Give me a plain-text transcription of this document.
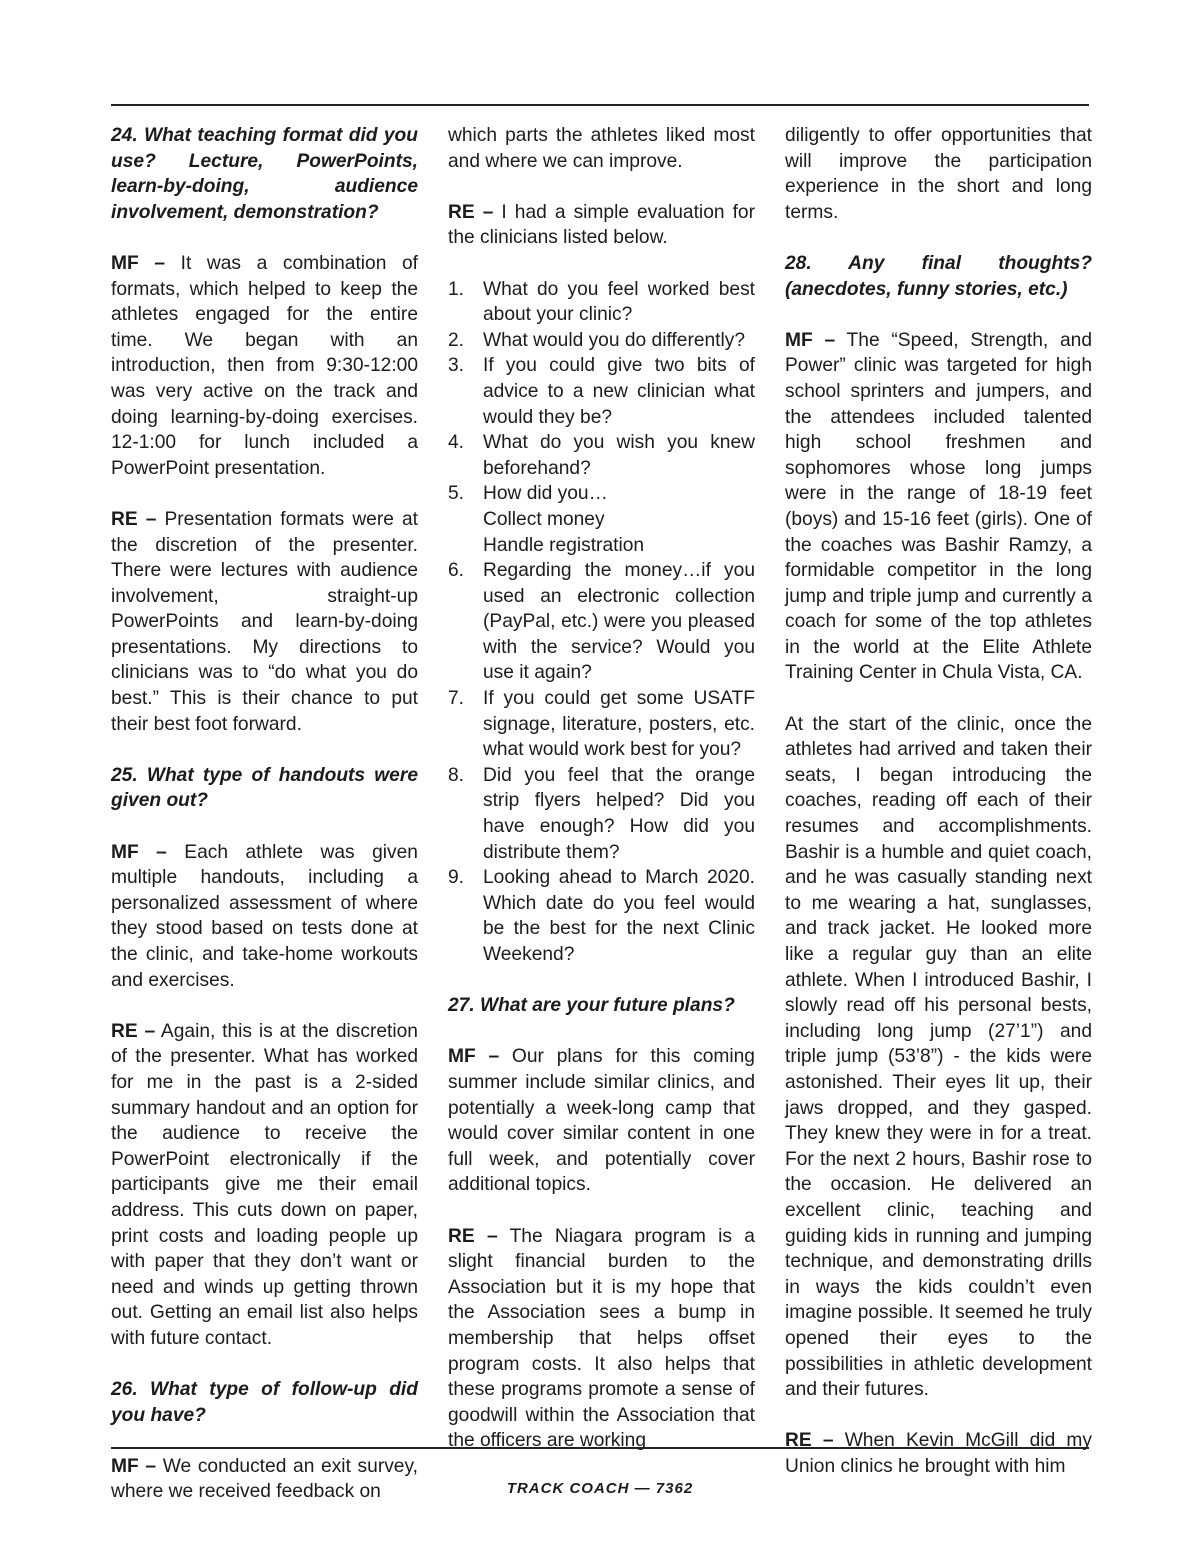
24. What teaching format did you use? Lecture, PowerPoints, learn-by-doing, audience involvement, demonstration?

MF – It was a combination of formats, which helped to keep the athletes engaged for the entire time. We began with an introduction, then from 9:30-12:00 was very active on the track and doing learning-by-doing exercises. 12-1:00 for lunch included a PowerPoint presentation.

RE – Presentation formats were at the discretion of the presenter. There were lectures with audience involvement, straight-up PowerPoints and learn-by-doing presentations. My directions to clinicians was to “do what you do best.” This is their chance to put their best foot forward.

25. What type of handouts were given out?

MF – Each athlete was given multiple handouts, including a personalized assessment of where they stood based on tests done at the clinic, and take-home workouts and exercises.

RE – Again, this is at the discretion of the presenter. What has worked for me in the past is a 2-sided summary handout and an option for the audience to receive the PowerPoint electronically if the participants give me their email address. This cuts down on paper, print costs and loading people up with paper that they don’t want or need and winds up getting thrown out. Getting an email list also helps with future contact.

26. What type of follow-up did you have?

MF – We conducted an exit survey, where we received feedback on

which parts the athletes liked most and where we can improve.

RE – I had a simple evaluation for the clinicians listed below.

1. What do you feel worked best about your clinic?
2. What would you do differently?
3. If you could give two bits of advice to a new clinician what would they be?
4. What do you wish you knew beforehand?
5. How did you…
Collect money
Handle registration
6. Regarding the money…if you used an electronic collection (PayPal, etc.) were you pleased with the service? Would you use it again?
7. If you could get some USATF signage, literature, posters, etc. what would work best for you?
8. Did you feel that the orange strip flyers helped? Did you have enough? How did you distribute them?
9. Looking ahead to March 2020. Which date do you feel would be the best for the next Clinic Weekend?

27. What are your future plans?

MF – Our plans for this coming summer include similar clinics, and potentially a week-long camp that would cover similar content in one full week, and potentially cover additional topics.

RE – The Niagara program is a slight financial burden to the Association but it is my hope that the Association sees a bump in membership that helps offset program costs. It also helps that these programs promote a sense of goodwill within the Association that the officers are working

diligently to offer opportunities that will improve the participation experience in the short and long terms.

28. Any final thoughts? (anecdotes, funny stories, etc.)

MF – The “Speed, Strength, and Power” clinic was targeted for high school sprinters and jumpers, and the attendees included talented high school freshmen and sophomores whose long jumps were in the range of 18-19 feet (boys) and 15-16 feet (girls). One of the coaches was Bashir Ramzy, a formidable competitor in the long jump and triple jump and currently a coach for some of the top athletes in the world at the Elite Athlete Training Center in Chula Vista, CA.

At the start of the clinic, once the athletes had arrived and taken their seats, I began introducing the coaches, reading off each of their resumes and accomplishments. Bashir is a humble and quiet coach, and he was casually standing next to me wearing a hat, sunglasses, and track jacket. He looked more like a regular guy than an elite athlete. When I introduced Bashir, I slowly read off his personal bests, including long jump (27’1”) and triple jump (53’8”) - the kids were astonished. Their eyes lit up, their jaws dropped, and they gasped. They knew they were in for a treat. For the next 2 hours, Bashir rose to the occasion. He delivered an excellent clinic, teaching and guiding kids in running and jumping technique, and demonstrating drills in ways the kids couldn’t even imagine possible. It seemed he truly opened their eyes to the possibilities in athletic development and their futures.

RE – When Kevin McGill did my Union clinics he brought with him

TRACK COACH — 7362
